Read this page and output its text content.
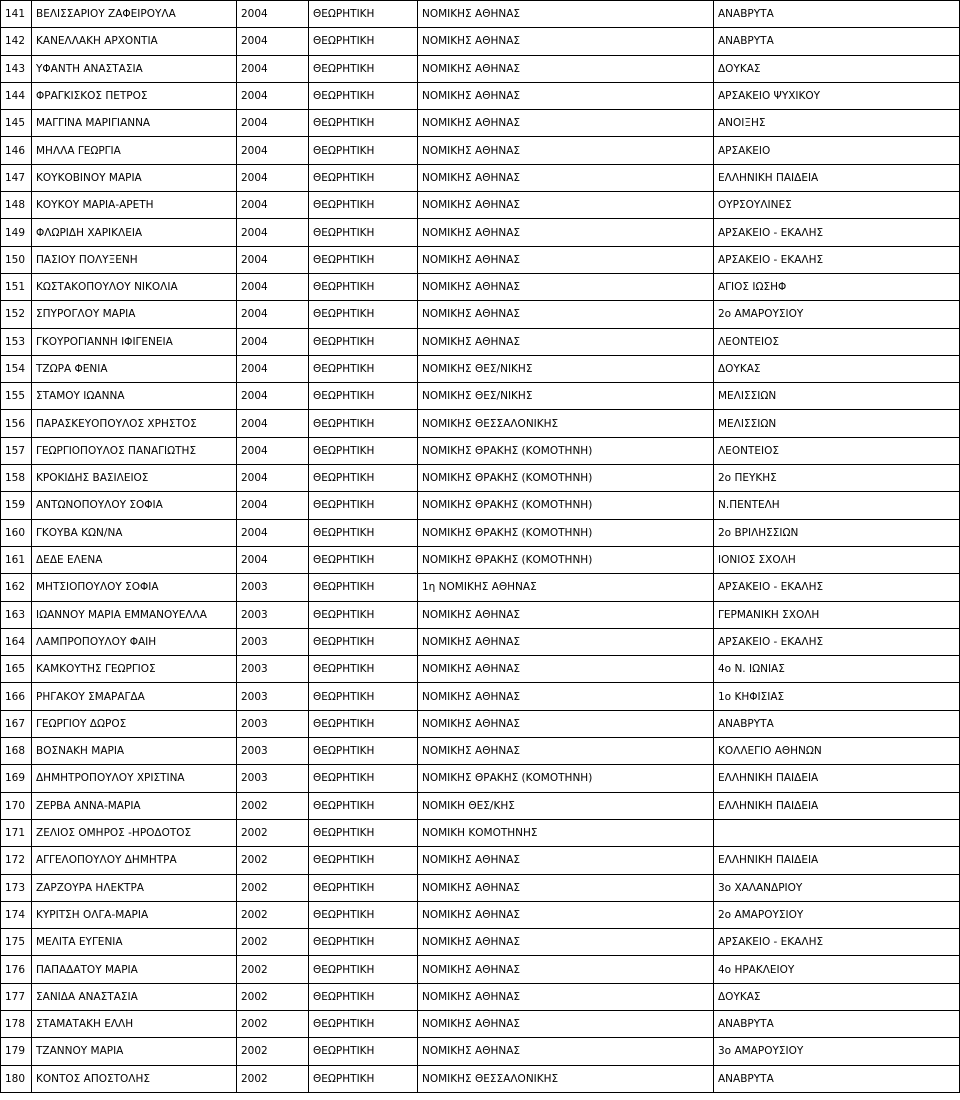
141	ΒΕΛΙΣΣΑΡΙΟΥ ΖΑΦΕΙΡΟΥΛΑ	2004	ΘΕΩΡΗΤΙΚΗ	ΝΟΜΙΚΗΣ ΑΘΗΝΑΣ	ΑΝΑΒΡΥΤΑ
142	ΚΑΝΕΛΛΑΚΗ ΑΡΧΟΝΤΙΑ	2004	ΘΕΩΡΗΤΙΚΗ	ΝΟΜΙΚΗΣ ΑΘΗΝΑΣ	ΑΝΑΒΡΥΤΑ
143	ΥΦΑΝΤΗ ΑΝΑΣΤΑΣΙΑ	2004	ΘΕΩΡΗΤΙΚΗ	ΝΟΜΙΚΗΣ ΑΘΗΝΑΣ	ΔΟΥΚΑΣ
144	ΦΡΑΓΚΙΣΚΟΣ ΠΕΤΡΟΣ	2004	ΘΕΩΡΗΤΙΚΗ	ΝΟΜΙΚΗΣ ΑΘΗΝΑΣ	ΑΡΣΑΚΕΙΟ ΨΥΧΙΚΟΥ
145	ΜΑΓΓΙΝΑ ΜΑΡΙΓΙΑΝΝΑ	2004	ΘΕΩΡΗΤΙΚΗ	ΝΟΜΙΚΗΣ ΑΘΗΝΑΣ	ΑΝΟΙΞΗΣ
146	ΜΗΛΛΑ ΓΕΩΡΓΙΑ	2004	ΘΕΩΡΗΤΙΚΗ	ΝΟΜΙΚΗΣ ΑΘΗΝΑΣ	ΑΡΣΑΚΕΙΟ
147	ΚΟΥΚΟΒΙΝΟΥ ΜΑΡΙΑ	2004	ΘΕΩΡΗΤΙΚΗ	ΝΟΜΙΚΗΣ ΑΘΗΝΑΣ	ΕΛΛΗΝΙΚΗ ΠΑΙΔΕΙΑ
148	ΚΟΥΚΟΥ ΜΑΡΙΑ-ΑΡΕΤΗ	2004	ΘΕΩΡΗΤΙΚΗ	ΝΟΜΙΚΗΣ ΑΘΗΝΑΣ	ΟΥΡΣΟΥΛΙΝΕΣ
149	ΦΛΩΡΙΔΗ ΧΑΡΙΚΛΕΙΑ	2004	ΘΕΩΡΗΤΙΚΗ	ΝΟΜΙΚΗΣ ΑΘΗΝΑΣ	ΑΡΣΑΚΕΙΟ - ΕΚΑΛΗΣ
150	ΠΑΣΙΟΥ ΠΟΛΥΞΕΝΗ	2004	ΘΕΩΡΗΤΙΚΗ	ΝΟΜΙΚΗΣ ΑΘΗΝΑΣ	ΑΡΣΑΚΕΙΟ - ΕΚΑΛΗΣ
151	ΚΩΣΤΑΚΟΠΟΥΛΟΥ ΝΙΚΟΛΙΑ	2004	ΘΕΩΡΗΤΙΚΗ	ΝΟΜΙΚΗΣ ΑΘΗΝΑΣ	ΑΓΙΟΣ ΙΩΣΗΦ
152	ΣΠΥΡΟΓΛΟΥ ΜΑΡΙΑ	2004	ΘΕΩΡΗΤΙΚΗ	ΝΟΜΙΚΗΣ ΑΘΗΝΑΣ	2ο ΑΜΑΡΟΥΣΙΟΥ
153	ΓΚΟΥΡΟΓΙΑΝΝΗ ΙΦΙΓΕΝΕΙΑ	2004	ΘΕΩΡΗΤΙΚΗ	ΝΟΜΙΚΗΣ ΑΘΗΝΑΣ	ΛΕΟΝΤΕΙΟΣ
154	ΤΖΩΡΑ ΦΕΝΙΑ	2004	ΘΕΩΡΗΤΙΚΗ	ΝΟΜΙΚΗΣ ΘΕΣ/ΝΙΚΗΣ	ΔΟΥΚΑΣ
155	ΣΤΑΜΟΥ ΙΩΑΝΝΑ	2004	ΘΕΩΡΗΤΙΚΗ	ΝΟΜΙΚΗΣ ΘΕΣ/ΝΙΚΗΣ	ΜΕΛΙΣΣΙΩΝ
156	ΠΑΡΑΣΚΕΥΟΠΟΥΛΟΣ ΧΡΗΣΤΟΣ	2004	ΘΕΩΡΗΤΙΚΗ	ΝΟΜΙΚΗΣ ΘΕΣΣΑΛΟΝΙΚΗΣ	ΜΕΛΙΣΣΙΩΝ
157	ΓΕΩΡΓΙΟΠΟΥΛΟΣ ΠΑΝΑΓΙΩΤΗΣ	2004	ΘΕΩΡΗΤΙΚΗ	ΝΟΜΙΚΗΣ ΘΡΑΚΗΣ (ΚΟΜΟΤΗΝΗ)	ΛΕΟΝΤΕΙΟΣ
158	ΚΡΟΚΙΔΗΣ ΒΑΣΙΛΕΙΟΣ	2004	ΘΕΩΡΗΤΙΚΗ	ΝΟΜΙΚΗΣ ΘΡΑΚΗΣ (ΚΟΜΟΤΗΝΗ)	2ο ΠΕΥΚΗΣ
159	ΑΝΤΩΝΟΠΟΥΛΟΥ ΣΟΦΙΑ	2004	ΘΕΩΡΗΤΙΚΗ	ΝΟΜΙΚΗΣ ΘΡΑΚΗΣ (ΚΟΜΟΤΗΝΗ)	Ν.ΠΕΝΤΕΛΗ
160	ΓΚΟΥΒΑ ΚΩΝ/ΝΑ	2004	ΘΕΩΡΗΤΙΚΗ	ΝΟΜΙΚΗΣ ΘΡΑΚΗΣ (ΚΟΜΟΤΗΝΗ)	2ο ΒΡΙΛΗΣΣΙΩΝ
161	ΔΕΔΕ ΕΛΕΝΑ	2004	ΘΕΩΡΗΤΙΚΗ	ΝΟΜΙΚΗΣ ΘΡΑΚΗΣ (ΚΟΜΟΤΗΝΗ)	ΙΟΝΙΟΣ ΣΧΟΛΗ
162	ΜΗΤΣΙΟΠΟΥΛΟΥ ΣΟΦΙΑ	2003	ΘΕΩΡΗΤΙΚΗ	1η ΝΟΜΙΚΗΣ ΑΘΗΝΑΣ	ΑΡΣΑΚΕΙΟ - ΕΚΑΛΗΣ
163	ΙΩΑΝΝΟΥ ΜΑΡΙΑ ΕΜΜΑΝΟΥΕΛΛΑ	2003	ΘΕΩΡΗΤΙΚΗ	ΝΟΜΙΚΗΣ ΑΘΗΝΑΣ	ΓΕΡΜΑΝΙΚΗ ΣΧΟΛΗ
164	ΛΑΜΠΡΟΠΟΥΛΟΥ ΦΑΙΗ	2003	ΘΕΩΡΗΤΙΚΗ	ΝΟΜΙΚΗΣ ΑΘΗΝΑΣ	ΑΡΣΑΚΕΙΟ - ΕΚΑΛΗΣ
165	ΚΑΜΚΟΥΤΗΣ ΓΕΩΡΓΙΟΣ	2003	ΘΕΩΡΗΤΙΚΗ	ΝΟΜΙΚΗΣ ΑΘΗΝΑΣ	4ο Ν. ΙΩΝΙΑΣ
166	ΡΗΓΑΚΟΥ ΣΜΑΡΑΓΔΑ	2003	ΘΕΩΡΗΤΙΚΗ	ΝΟΜΙΚΗΣ ΑΘΗΝΑΣ	1ο ΚΗΦΙΣΙΑΣ
167	ΓΕΩΡΓΙΟΥ ΔΩΡΟΣ	2003	ΘΕΩΡΗΤΙΚΗ	ΝΟΜΙΚΗΣ ΑΘΗΝΑΣ	ΑΝΑΒΡΥΤΑ
168	ΒΟΣΝΑΚΗ ΜΑΡΙΑ	2003	ΘΕΩΡΗΤΙΚΗ	ΝΟΜΙΚΗΣ ΑΘΗΝΑΣ	ΚΟΛΛΕΓΙΟ ΑΘΗΝΩΝ
169	ΔΗΜΗΤΡΟΠΟΥΛΟΥ ΧΡΙΣΤΙΝΑ	2003	ΘΕΩΡΗΤΙΚΗ	ΝΟΜΙΚΗΣ ΘΡΑΚΗΣ (ΚΟΜΟΤΗΝΗ)	ΕΛΛΗΝΙΚΗ ΠΑΙΔΕΙΑ
170	ΖΕΡΒΑ ΑΝΝΑ-ΜΑΡΙΑ	2002	ΘΕΩΡΗΤΙΚΗ	ΝΟΜΙΚΗ ΘΕΣ/ΚΗΣ	ΕΛΛΗΝΙΚΗ ΠΑΙΔΕΙΑ
171	ΖΕΛΙΟΣ ΟΜΗΡΟΣ -ΗΡΟΔΟΤΟΣ	2002	ΘΕΩΡΗΤΙΚΗ	ΝΟΜΙΚΗ ΚΟΜΟΤΗΝΗΣ	
172	ΑΓΓΕΛΟΠΟΥΛΟΥ ΔΗΜΗΤΡΑ	2002	ΘΕΩΡΗΤΙΚΗ	ΝΟΜΙΚΗΣ ΑΘΗΝΑΣ	ΕΛΛΗΝΙΚΗ ΠΑΙΔΕΙΑ
173	ΖΑΡΖΟΥΡΑ ΗΛΕΚΤΡΑ	2002	ΘΕΩΡΗΤΙΚΗ	ΝΟΜΙΚΗΣ ΑΘΗΝΑΣ	3ο ΧΑΛΑΝΔΡΙΟΥ
174	ΚΥΡΙΤΣΗ ΟΛΓΑ-ΜΑΡΙΑ	2002	ΘΕΩΡΗΤΙΚΗ	ΝΟΜΙΚΗΣ ΑΘΗΝΑΣ	2ο ΑΜΑΡΟΥΣΙΟΥ
175	ΜΕΛΙΤΑ ΕΥΓΕΝΙΑ	2002	ΘΕΩΡΗΤΙΚΗ	ΝΟΜΙΚΗΣ ΑΘΗΝΑΣ	ΑΡΣΑΚΕΙΟ - ΕΚΑΛΗΣ
176	ΠΑΠΑΔΑΤΟΥ ΜΑΡΙΑ	2002	ΘΕΩΡΗΤΙΚΗ	ΝΟΜΙΚΗΣ ΑΘΗΝΑΣ	4ο ΗΡΑΚΛΕΙΟΥ
177	ΣΑΝΙΔΑ ΑΝΑΣΤΑΣΙΑ	2002	ΘΕΩΡΗΤΙΚΗ	ΝΟΜΙΚΗΣ ΑΘΗΝΑΣ	ΔΟΥΚΑΣ
178	ΣΤΑΜΑΤΑΚΗ ΕΛΛΗ	2002	ΘΕΩΡΗΤΙΚΗ	ΝΟΜΙΚΗΣ ΑΘΗΝΑΣ	ΑΝΑΒΡΥΤΑ
179	ΤΖΑΝΝΟΥ ΜΑΡΙΑ	2002	ΘΕΩΡΗΤΙΚΗ	ΝΟΜΙΚΗΣ ΑΘΗΝΑΣ	3ο ΑΜΑΡΟΥΣΙΟΥ
180	ΚΟΝΤΟΣ ΑΠΟΣΤΟΛΗΣ	2002	ΘΕΩΡΗΤΙΚΗ	ΝΟΜΙΚΗΣ ΘΕΣΣΑΛΟΝΙΚΗΣ	ΑΝΑΒΡΥΤΑ
